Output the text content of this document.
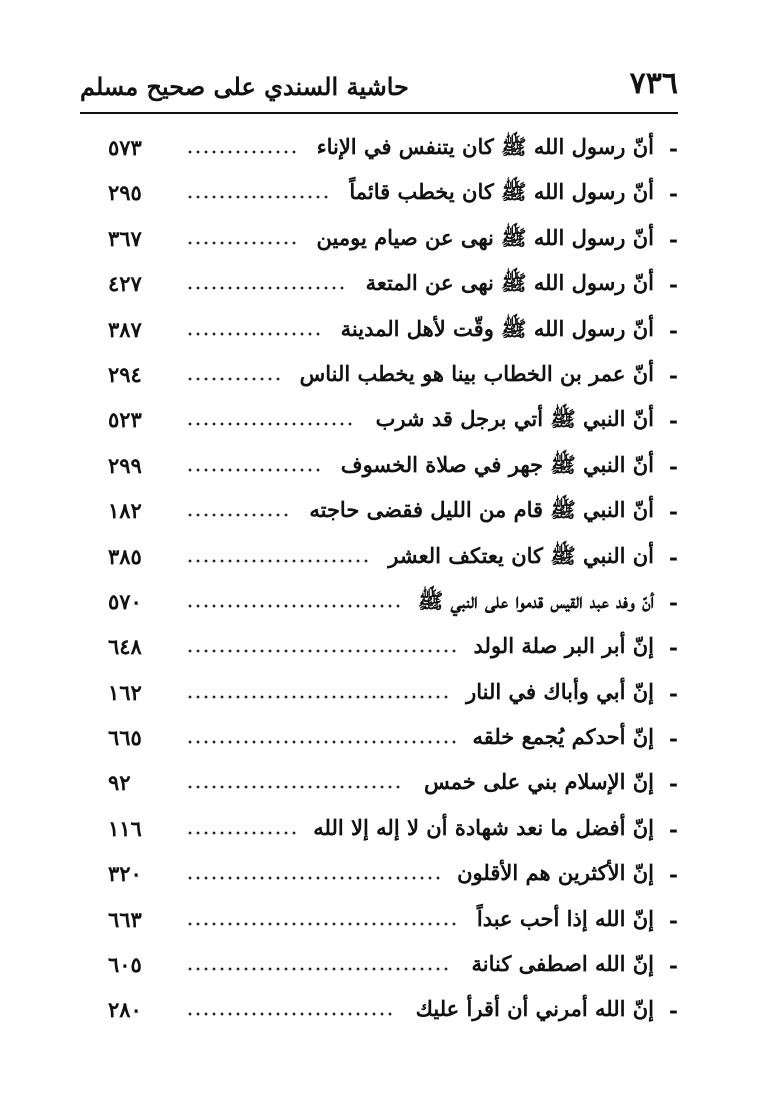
٧٣٦
حاشية السندي على صحيح مسلم
-
أنّ رسول الله ﷺ كان يتنفس في الإناء
٥٧٣
-
أنّ رسول الله ﷺ كان يخطب قائماً
٢٩٥
-
أنّ رسول الله ﷺ نهى عن صيام يومين
٣٦٧
-
أنّ رسول الله ﷺ نهى عن المتعة
٤٢٧
-
أنّ رسول الله ﷺ وقّت لأهل المدينة
٣٨٧
-
أنّ عمر بن الخطاب بينا هو يخطب الناس
٢٩٤
-
أنّ النبي ﷺ أتي برجل قد شرب
٥٢٣
-
أنّ النبي ﷺ جهر في صلاة الخسوف
٢٩٩
-
أنّ النبي ﷺ قام من الليل فقضى حاجته
١٨٢
-
أن النبي ﷺ كان يعتكف العشر
٣٨٥
-
أنّ وفد عبد القيس قدموا على النبي ﷺ
٥٧٠
-
إنّ أبر البر صلة الولد
٦٤٨
-
إنّ أبي وأباك في النار
١٦٢
-
إنّ أحدكم يُجمع خلقه
٦٦٥
-
إنّ الإسلام بني على خمس
٩٢
-
إنّ أفضل ما نعد شهادة أن لا إله إلا الله
١١٦
-
إنّ الأكثرين هم الأقلون
٣٢٠
-
إنّ الله إذا أحب عبداً
٦٦٣
-
إنّ الله اصطفى كنانة
٦٠٥
-
إنّ الله أمرني أن أقرأ عليك
٢٨٠
